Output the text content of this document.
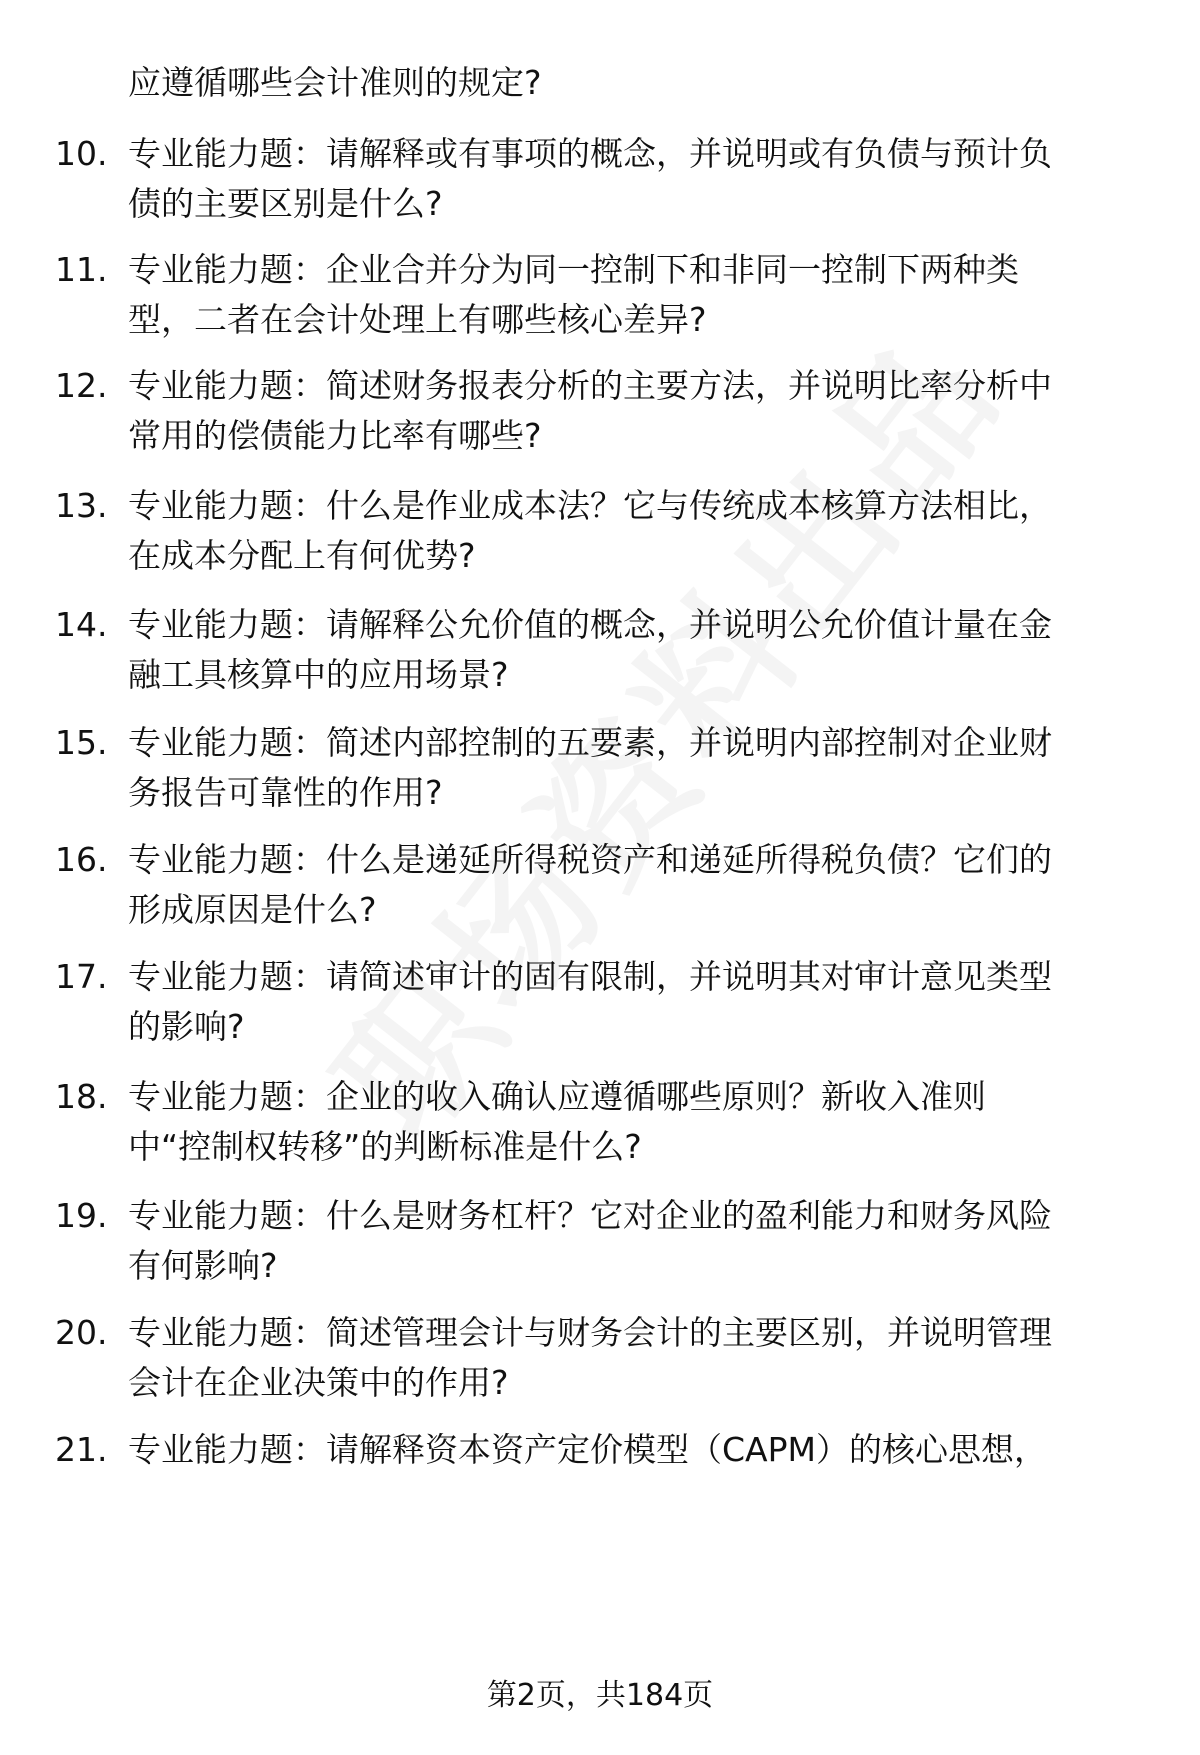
应遵循哪些会计准则的规定?
10. 专业能力题：请解释或有事项的概念，并说明或有负债与预计负
债的主要区别是什么?
11. 专业能力题：企业合并分为同一控制下和非同一控制下两种类
型，二者在会计处理上有哪些核心差异?
12. 专业能力题：简述财务报表分析的主要方法，并说明比率分析中
常用的偿债能力比率有哪些?
13. 专业能力题：什么是作业成本法？它与传统成本核算方法相比，
在成本分配上有何优势?
14. 专业能力题：请解释公允价值的概念，并说明公允价值计量在金
融工具核算中的应用场景?
15. 专业能力题：简述内部控制的五要素，并说明内部控制对企业财
务报告可靠性的作用?
16. 专业能力题：什么是递延所得税资产和递延所得税负债？它们的
形成原因是什么?
17. 专业能力题：请简述审计的固有限制，并说明其对审计意见类型
的影响?
18. 专业能力题：企业的收入确认应遵循哪些原则？新收入准则
中“控制权转移”的判断标准是什么?
19. 专业能力题：什么是财务杠杆？它对企业的盈利能力和财务风险
有何影响?
20. 专业能力题：简述管理会计与财务会计的主要区别，并说明管理
会计在企业决策中的作用?
21. 专业能力题：请解释资本资产定价模型（CAPM）的核心思想，
第2页，共184页
